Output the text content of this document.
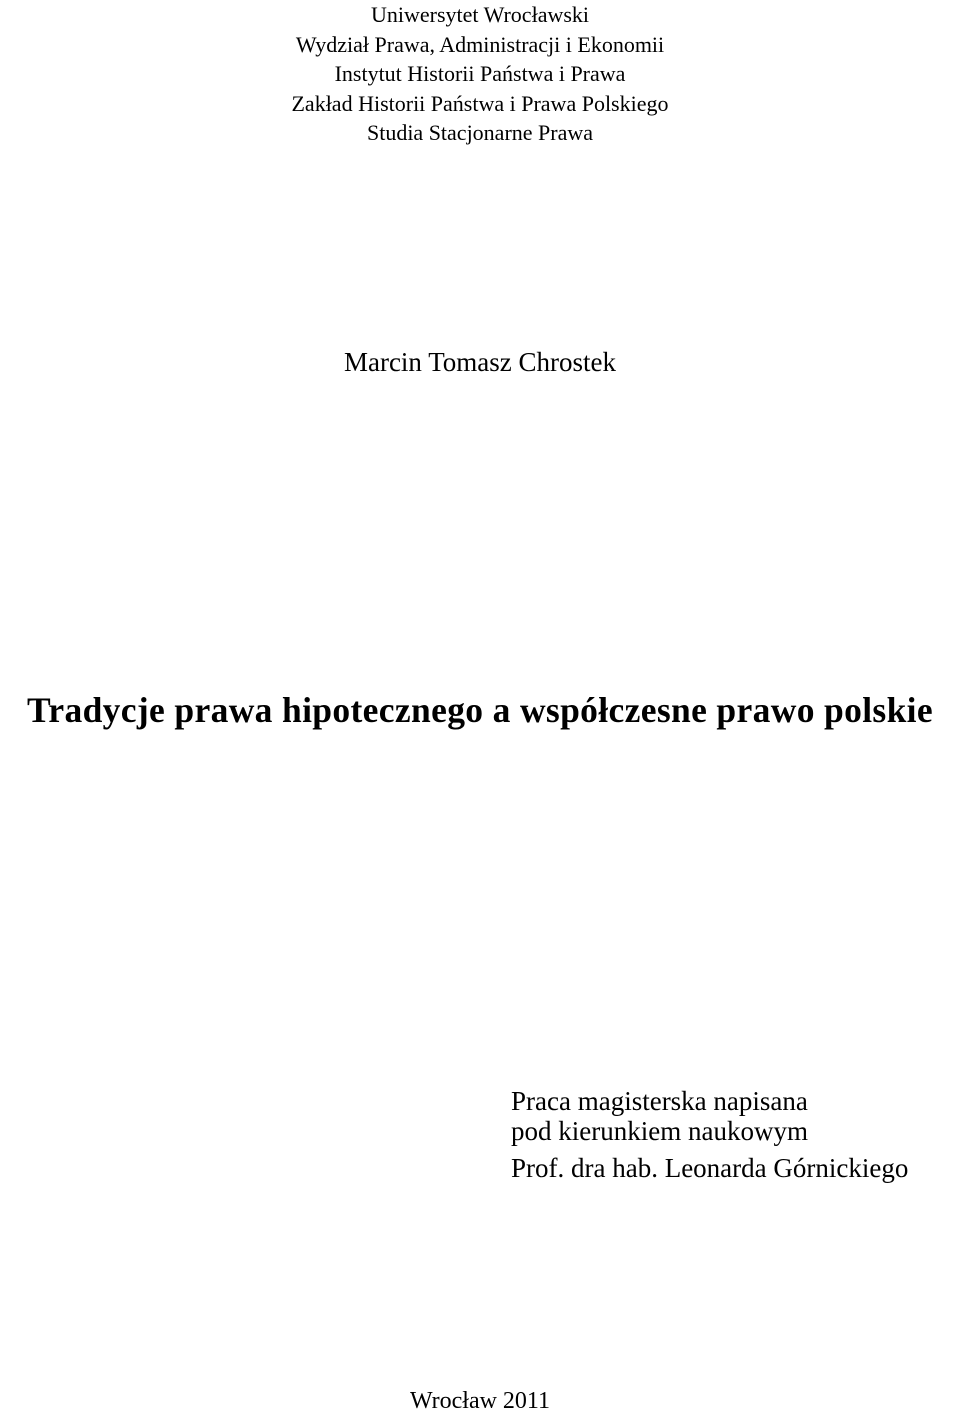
Uniwersytet Wrocławski
Wydział Prawa, Administracji i Ekonomii
Instytut Historii Państwa i Prawa
Zakład Historii Państwa i Prawa Polskiego
Studia Stacjonarne Prawa
Marcin Tomasz Chrostek
Tradycje prawa hipotecznego a współczesne prawo polskie
Praca magisterska napisana
pod kierunkiem naukowym
Prof. dra hab. Leonarda Górnickiego
Wrocław 2011
